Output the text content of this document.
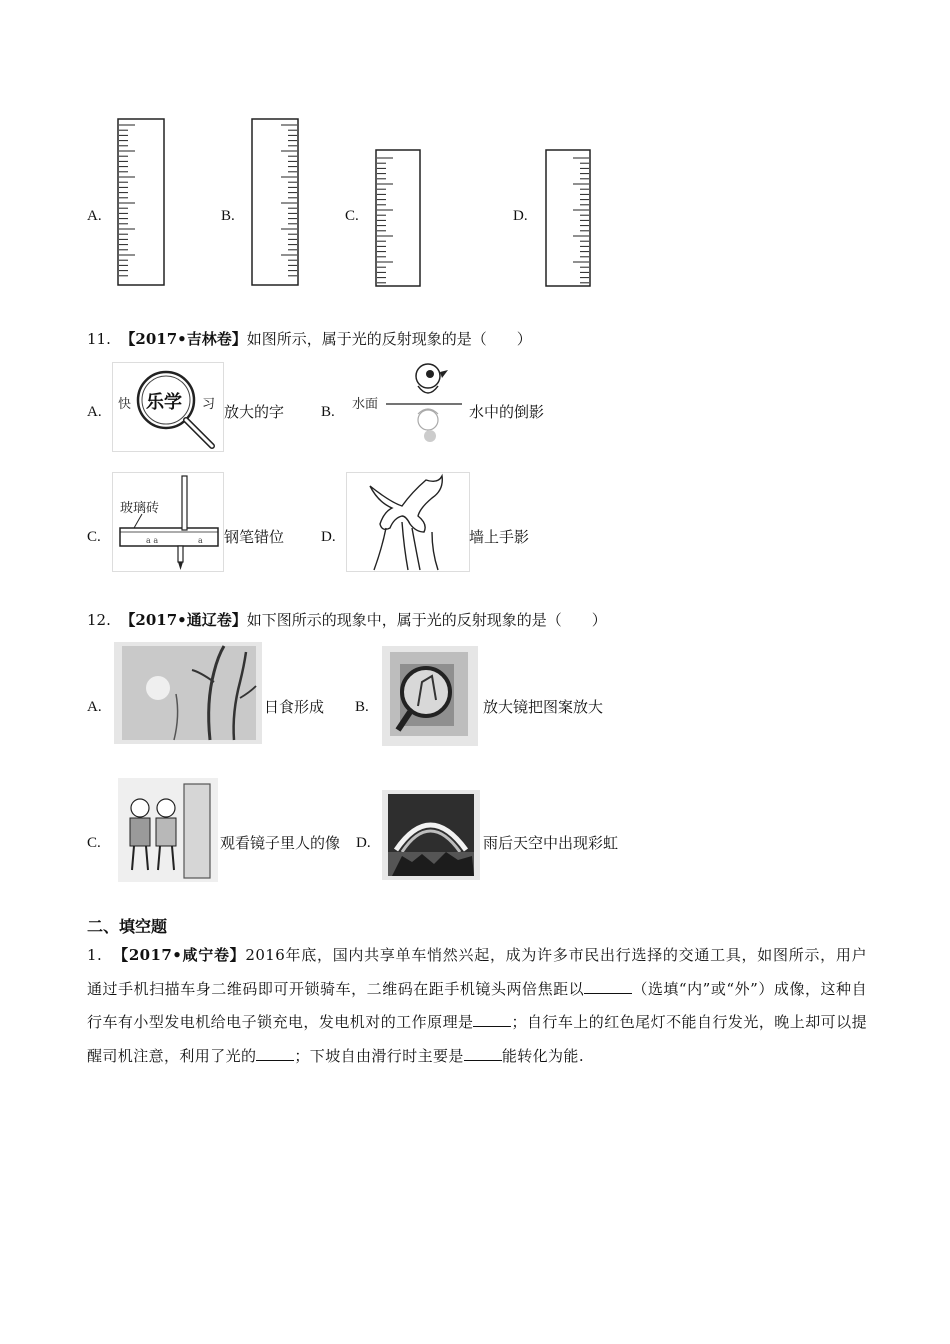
A.	B.	C.	D.
11. 【2017•吉林卷】如图所示，属于光的反射现象的是（　　）
A. 快 乐学 习 放大的字 B. 水面	水中的倒影
C.
玻璃砖
a a	a 钢笔错位 D.	墙上手影
12. 【2017•通辽卷】如下图所示的现象中，属于光的反射现象的是（　　）
A.	日食形成 B.	放大镜把图案放大
C.	观看镜子里人的像 D.	雨后天空中出现彩虹
二、填空题
1. 【2017•咸宁卷】2016年底，国内共享单车悄然兴起，成为许多市民出行选择的交通工具，如图所示，用户通过手机扫描车身二维码即可开锁骑车，二维码在距手机镜头两倍焦距以	（选填“内”或“外”）成像，这种自行车有小型发电机给电子锁充电，发电机对的工作原理是	；自行车上的红色尾灯不能自行发光，晚上却可以提醒司机注意，利用了光的	；下坡自由滑行时主要是	能转化为能.
